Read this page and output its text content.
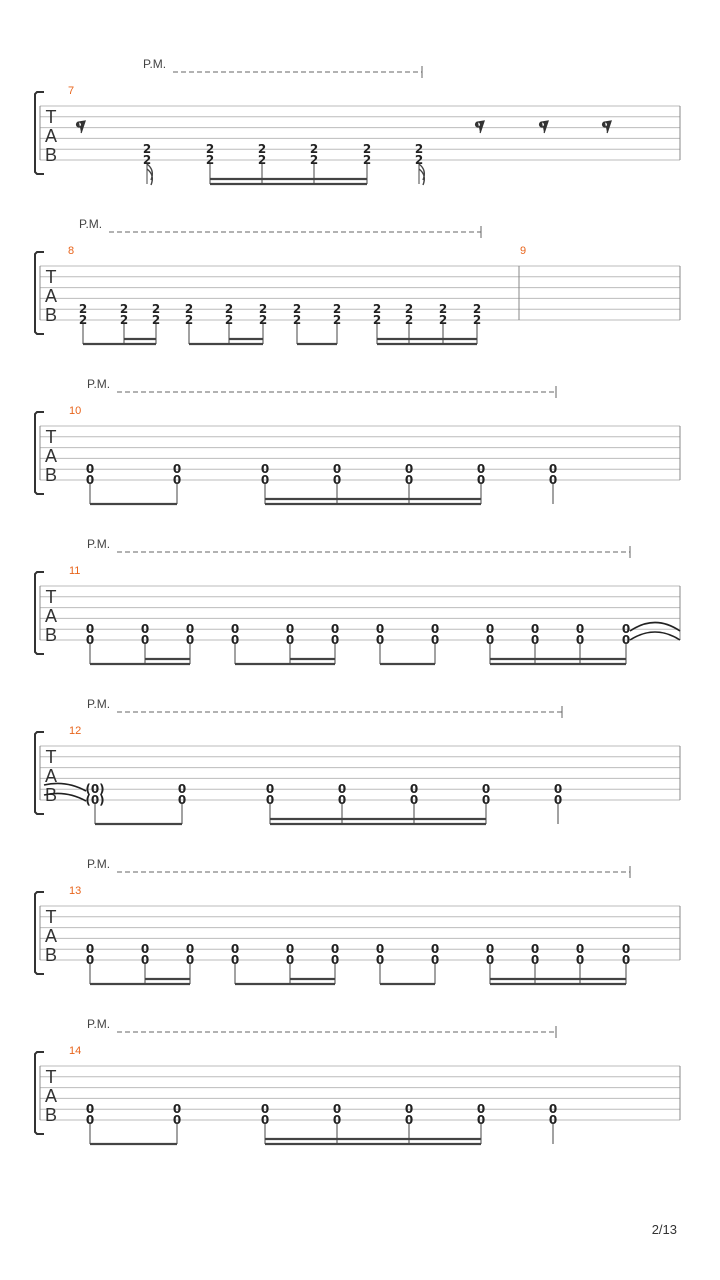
P.M.
T
A
B
7
2
2
2
2
2
2
2
2
2
2
2
2
P.M.
T
A
B
8	9
2
2
2
2
2
2
2
2
2
2
2
2
2
2
2
2
2
2
2
2
2
2
2
2
P.M.
T
A
B
10
0
0
0
0
0
0
0
0
0
0
0
0
0
0
P.M.
T
A
B
11
0
0
0
0
0
0
0
0
0
0
0
0
0
0
0
0
0
0
0
0
0
0
0
0
P.M.
T
A
B
12
(0)
(0)
0
0
0
0
0
0
0
0
0
0
0
0
P.M.
T
A
B
13
0
0
0
0
0
0
0
0
0
0
0
0
0
0
0
0
0
0
0
0
0
0
0
0
P.M.
T
A
B
14
0
0
0
0
0
0
0
0
0
0
0
0
0
0
2/13
